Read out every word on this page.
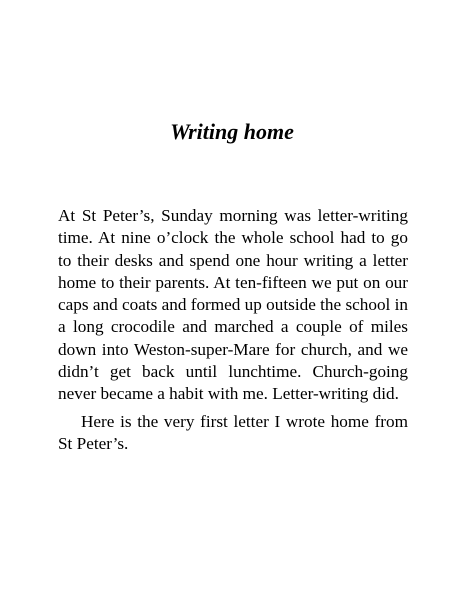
Writing home

At St Peter’s, Sunday morning was letter-writing time. At nine o’clock the whole school had to go to their desks and spend one hour writing a letter home to their parents. At ten-fifteen we put on our caps and coats and formed up outside the school in a long crocodile and marched a couple of miles down into Weston-super-Mare for church, and we didn’t get back until lunchtime. Church-going never became a habit with me. Letter-writing did.

Here is the very first letter I wrote home from St Peter’s.
